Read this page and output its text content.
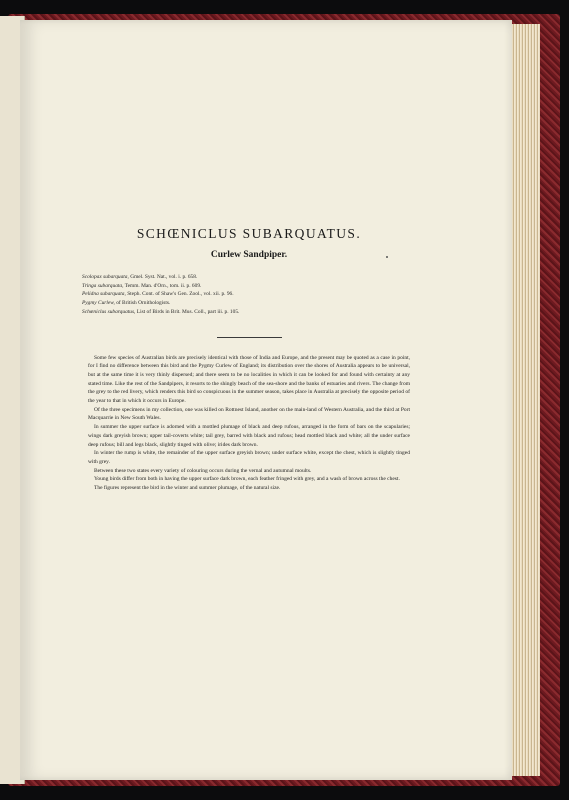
SCHŒNICLUS SUBARQUATUS.
Curlew Sandpiper.
Scolopax subarquata, Gmel. Syst. Nat., vol. i. p. 658.
Tringa subarquata, Temm. Man. d'Orn., tom. ii. p. 609.
Pelidna subarquata, Steph. Cont. of Shaw's Gen. Zool., vol. xii. p. 96.
Pygmy Curlew, of British Ornithologists.
Schœniclus subarquatus, List of Birds in Brit. Mus. Coll., part iii. p. 105.

Some few species of Australian birds are precisely identical with those of India and Europe, and the present may be quoted as a case in point, for I find no difference between this bird and the Pygmy Curlew of England; its distribution over the shores of Australia appears to be universal, but at the same time it is very thinly dispersed; and there seem to be no localities in which it can be looked for and found with certainty at any stated time. Like the rest of the Sandpipers, it resorts to the shingly beach of the sea-shore and the banks of estuaries and rivers. The change from the grey to the red livery, which renders this bird so conspicuous in the summer season, takes place in Australia at precisely the opposite period of the year to that in which it occurs in Europe.

Of the three specimens in my collection, one was killed on Rottnest Island, another on the main-land of Western Australia, and the third at Port Macquarrie in New South Wales.

In summer the upper surface is adorned with a mottled plumage of black and deep rufous, arranged in the form of bars on the scapularies; wings dark greyish brown; upper tail-coverts white; tail grey, barred with black and rufous; head mottled black and white; all the under surface deep rufous; bill and legs black, slightly tinged with olive; irides dark brown.

In winter the rump is white, the remainder of the upper surface greyish brown; under surface white, except the chest, which is slightly tinged with grey.

Between these two states every variety of colouring occurs during the vernal and autumnal moults.

Young birds differ from both in having the upper surface dark brown, each feather fringed with grey, and a wash of brown across the chest.

The figures represent the bird in the winter and summer plumage, of the natural size.
